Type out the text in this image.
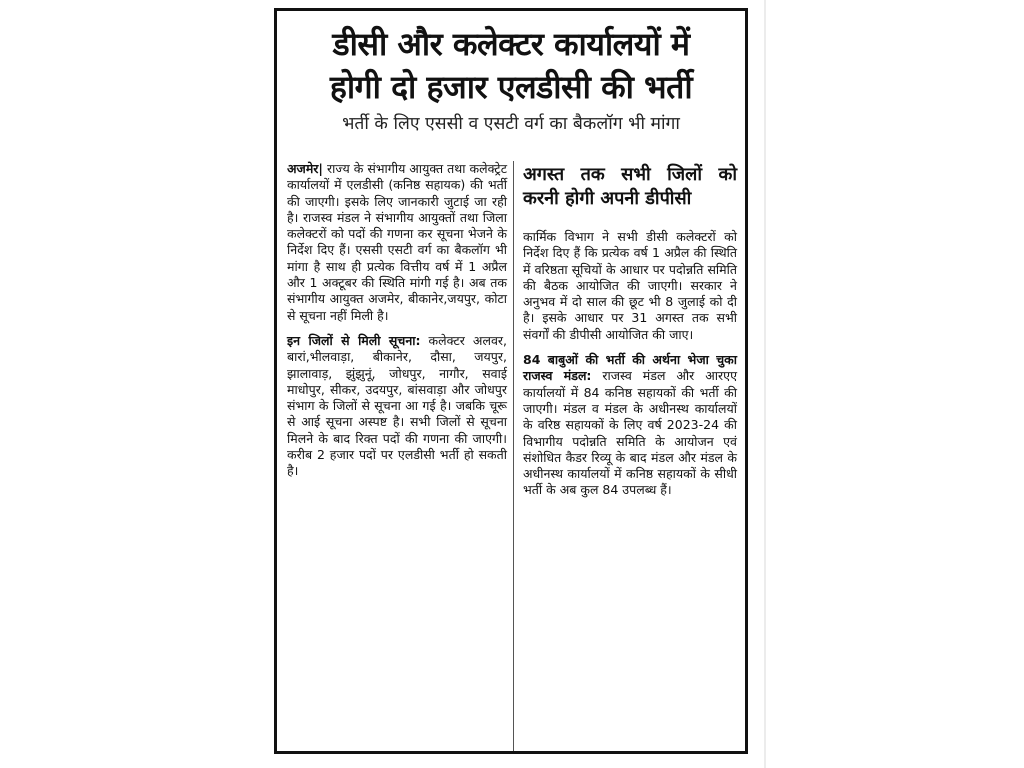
डीसी और कलेक्टर कार्यालयों में
होगी दो हजार एलडीसी की भर्ती
भर्ती के लिए एससी व एसटी वर्ग का बैकलॉग भी मांगा

अजमेर| राज्य के संभागीय आयुक्त तथा कलेक्ट्रेट कार्यालयों में एलडीसी (कनिष्ठ सहायक) की भर्ती की जाएगी। इसके लिए जानकारी जुटाई जा रही है। राजस्व मंडल ने संभागीय आयुक्तों तथा जिला कलेक्टरों को पदों की गणना कर सूचना भेजने के निर्देश दिए हैं। एससी एसटी वर्ग का बैकलॉग भी मांगा है साथ ही प्रत्येक वित्तीय वर्ष में 1 अप्रैल और 1 अक्टूबर की स्थिति मांगी गई है। अब तक संभागीय आयुक्त अजमेर, बीकानेर,जयपुर, कोटा से सूचना नहीं मिली है।

इन जिलों से मिली सूचना: कलेक्टर अलवर, बारां,भीलवाड़ा, बीकानेर, दौसा, जयपुर, झालावाड़, झुंझुनूं, जोधपुर, नागौर, सवाई माधोपुर, सीकर, उदयपुर, बांसवाड़ा और जोधपुर संभाग के जिलों से सूचना आ गई है। जबकि चूरू से आई सूचना अस्पष्ट है। सभी जिलों से सूचना मिलने के बाद रिक्त पदों की गणना की जाएगी। करीब 2 हजार पदों पर एलडीसी भर्ती हो सकती है।

अगस्त तक सभी जिलों को करनी होगी अपनी डीपीसी

कार्मिक विभाग ने सभी डीसी कलेक्टरों को निर्देश दिए हैं कि प्रत्येक वर्ष 1 अप्रैल की स्थिति में वरिष्ठता सूचियों के आधार पर पदोन्नति समिति की बैठक आयोजित की जाएगी। सरकार ने अनुभव में दो साल की छूट भी 8 जुलाई को दी है। इसके आधार पर 31 अगस्त तक सभी संवर्गों की डीपीसी आयोजित की जाए।

84 बाबुओं की भर्ती की अर्थना भेजा चुका राजस्व मंडल: राजस्व मंडल और आरएए कार्यालयों में 84 कनिष्ठ सहायकों की भर्ती की जाएगी। मंडल व मंडल के अधीनस्थ कार्यालयों के वरिष्ठ सहायकों के लिए वर्ष 2023-24 की विभागीय पदोन्नति समिति के आयोजन एवं संशोधित कैडर रिव्यू के बाद मंडल और मंडल के अधीनस्थ कार्यालयों में कनिष्ठ सहायकों के सीधी भर्ती के अब कुल 84 उपलब्ध हैं।
